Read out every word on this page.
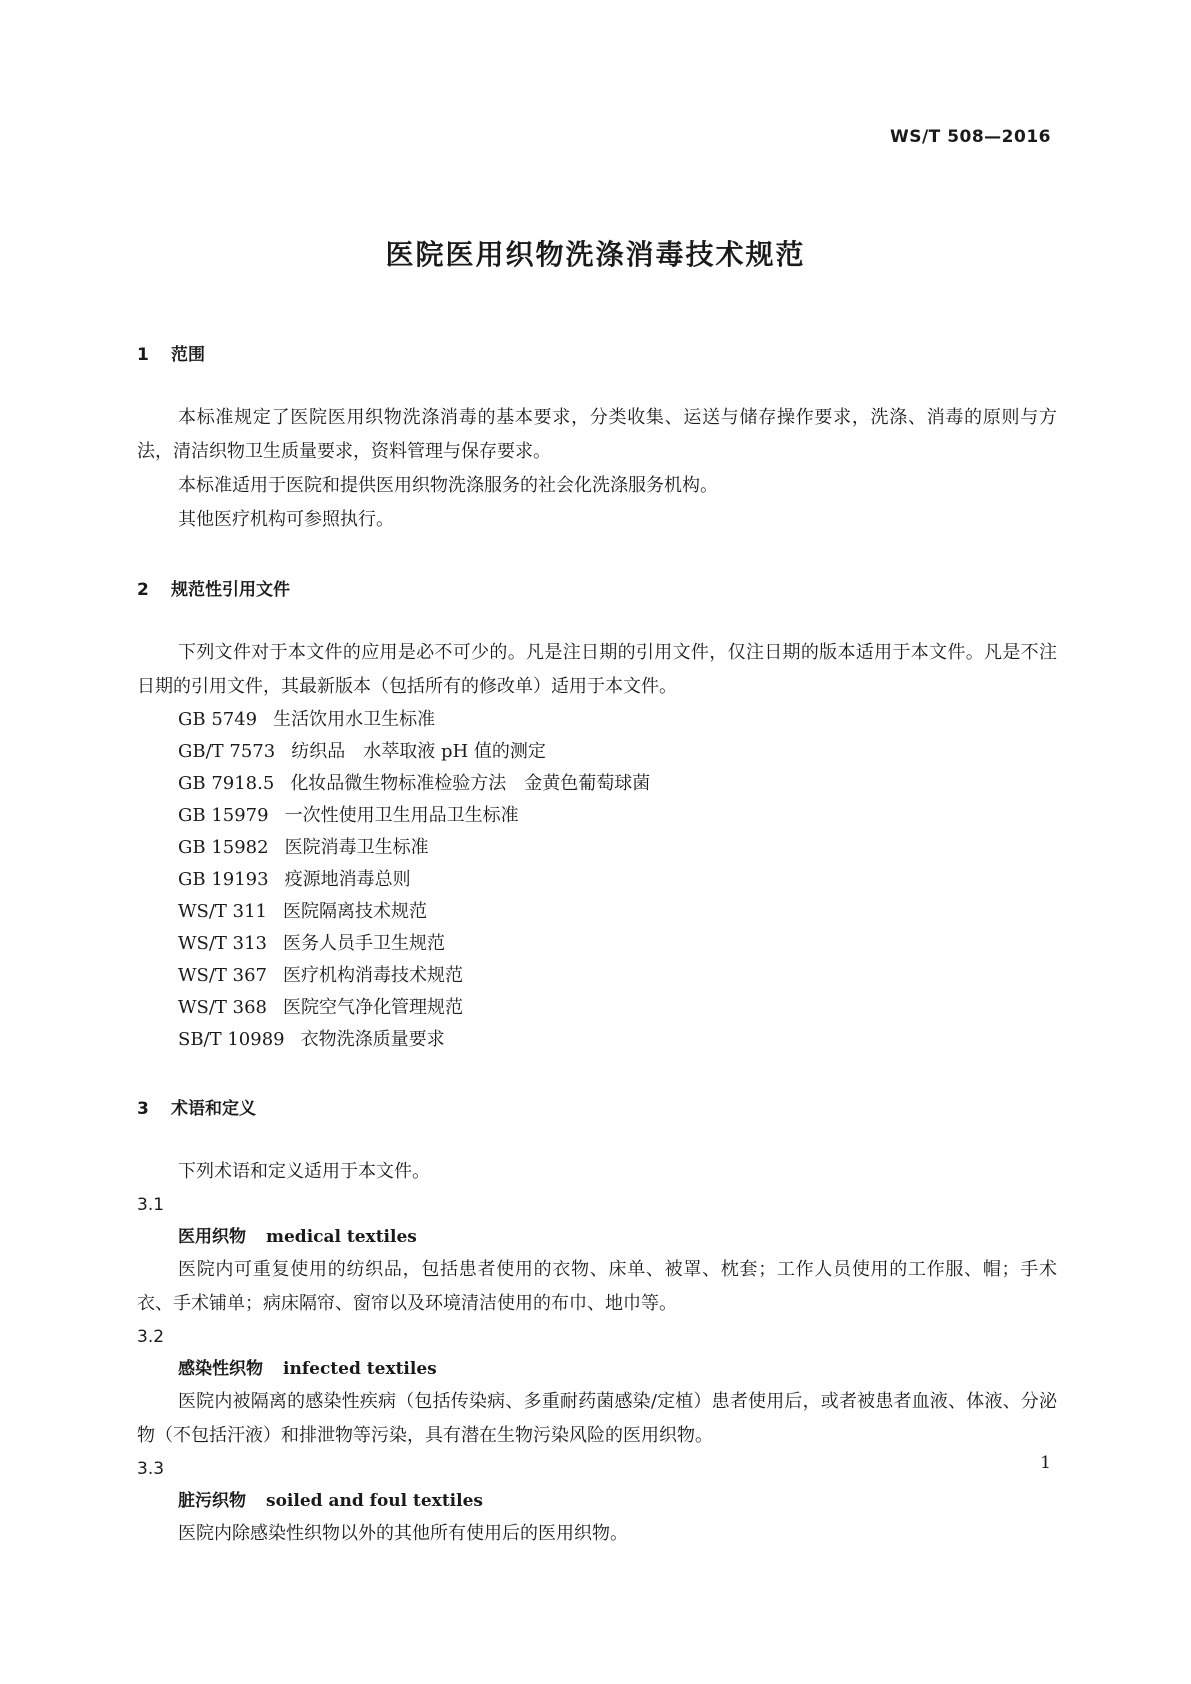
WS/T 508—2016
医院医用织物洗涤消毒技术规范

1 范围

本标准规定了医院医用织物洗涤消毒的基本要求，分类收集、运送与储存操作要求，洗涤、消毒的原则与方法，清洁织物卫生质量要求，资料管理与保存要求。

本标准适用于医院和提供医用织物洗涤服务的社会化洗涤服务机构。

其他医疗机构可参照执行。

2 规范性引用文件

下列文件对于本文件的应用是必不可少的。凡是注日期的引用文件，仅注日期的版本适用于本文件。凡是不注日期的引用文件，其最新版本（包括所有的修改单）适用于本文件。

GB 5749 生活饮用水卫生标准
GB/T 7573 纺织品　水萃取液 pH 值的测定
GB 7918.5 化妆品微生物标准检验方法　金黄色葡萄球菌
GB 15979 一次性使用卫生用品卫生标准
GB 15982 医院消毒卫生标准
GB 19193 疫源地消毒总则
WS/T 311 医院隔离技术规范
WS/T 313 医务人员手卫生规范
WS/T 367 医疗机构消毒技术规范
WS/T 368 医院空气净化管理规范
SB/T 10989 衣物洗涤质量要求

3 术语和定义

下列术语和定义适用于本文件。

3.1

医用织物 medical textiles

医院内可重复使用的纺织品，包括患者使用的衣物、床单、被罩、枕套；工作人员使用的工作服、帽；手术衣、手术铺单；病床隔帘、窗帘以及环境清洁使用的布巾、地巾等。

3.2

感染性织物 infected textiles

医院内被隔离的感染性疾病（包括传染病、多重耐药菌感染/定植）患者使用后，或者被患者血液、体液、分泌物（不包括汗液）和排泄物等污染，具有潜在生物污染风险的医用织物。

3.3

脏污织物 soiled and foul textiles

医院内除感染性织物以外的其他所有使用后的医用织物。

1
